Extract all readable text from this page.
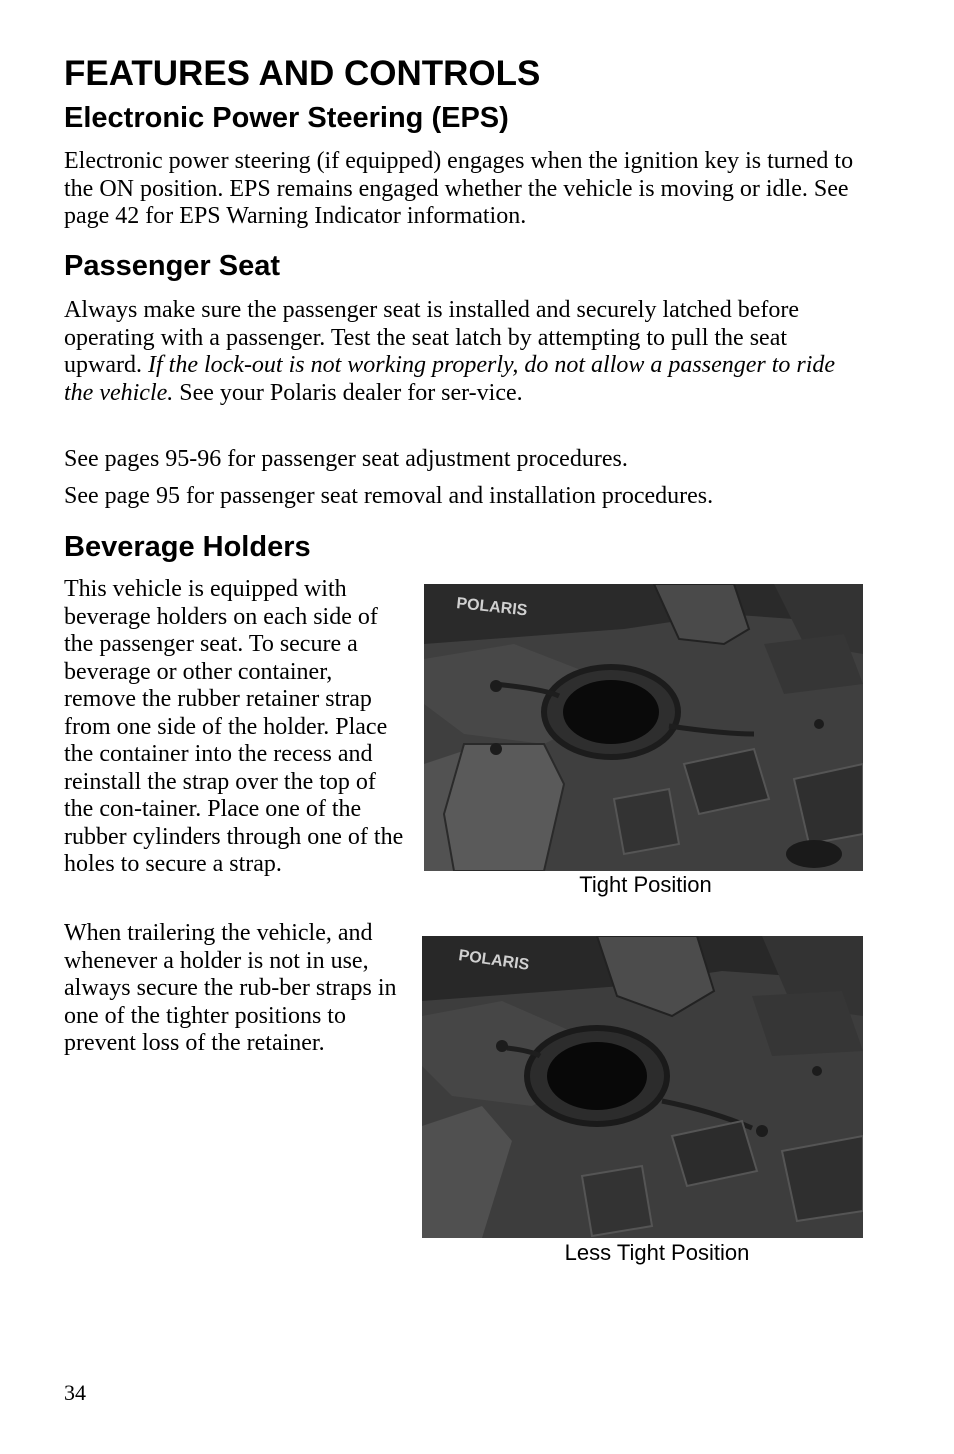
FEATURES AND CONTROLS
Electronic Power Steering (EPS)

Electronic power steering (if equipped) engages when the ignition key is turned to the ON position. EPS remains engaged whether the vehicle is moving or idle. See page 42 for EPS Warning Indicator information.

Passenger Seat

Always make sure the passenger seat is installed and securely latched before operating with a passenger. Test the seat latch by attempting to pull the seat upward. If the lock-out is not working properly, do not allow a passenger to ride the vehicle. See your Polaris dealer for ser-vice.

See pages 95-96 for passenger seat adjustment procedures.

See page 95 for passenger seat removal and installation procedures.

Beverage Holders

This vehicle is equipped with beverage holders on each side of the passenger seat. To secure a beverage or other container, remove the rubber retainer strap from one side of the holder. Place the container into the recess and reinstall the strap over the top of the con-tainer. Place one of the rubber cylinders through one of the holes to secure a strap.

When trailering the vehicle, and whenever a holder is not in use, always secure the rub-ber straps in one of the tighter positions to prevent loss of the retainer.

POLARIS
Tight Position
POLARIS
Less Tight Position
34
